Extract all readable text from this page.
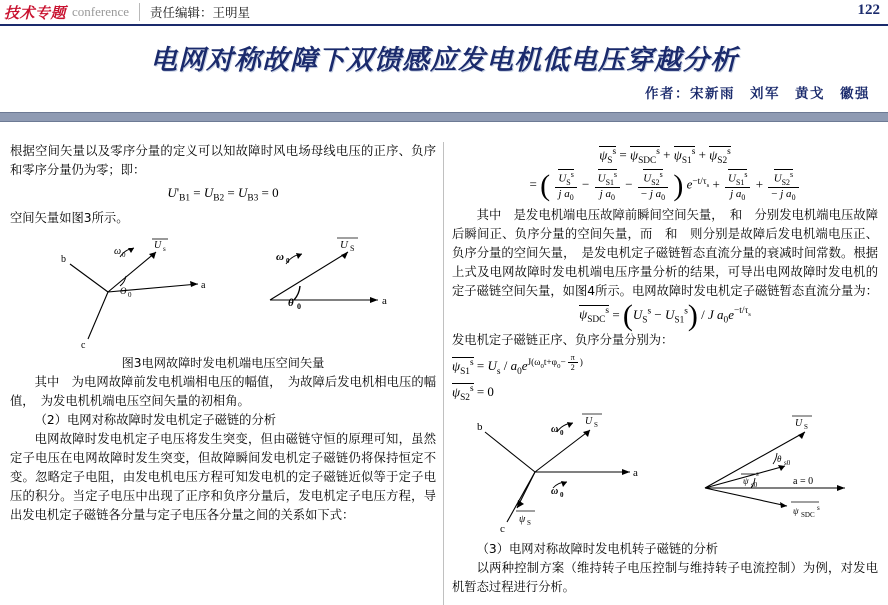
技术专题 conference 责任编辑：王明星	122
电网对称故障下双馈感应发电机低电压穿越分析
作者：宋新雨　刘军　黄戈　徽强

根据空间矢量以及零序分量的定义可以知故障时风电场母线电压的正序、负序和零序分量仍为零；即：

$U'_{B1} = U_{B2} = U_{B3} = 0$

空间矢量如图3所示。

ω 0
U s
Θ 0
a
b
c
ω 0
U S
θ 0	a

图3电网故障时发电机端电压空间矢量

其中　为电网故障前发电机端相电压的幅值，　为故障后发电机相电压的幅值，　为发电机机端电压空间矢量的初相角。

（2）电网对称故障时发电机定子磁链的分析

电网故障时发电机定子电压将发生突变，但由磁链守恒的原理可知，虽然定子电压在电网故障时发生突变，但故障瞬间发电机定子磁链仍将保持恒定不变。忽略定子电阻，由发电机电压方程可知发电机的定子磁链近似等于定子电压的积分。当定子电压中出现了正序和负序分量后，发电机定子电压方程，导出发电机定子磁链各分量与定子电压各分量之间的关系如下式：

$\psi_S^s = \psi_{SDC}^s + \psi_{S1}^s + \psi_{S2}^s$
= ( $\frac{U_S^s}{j a_0} - \frac{U_{S1}^s}{j a_0} - \frac{U_{S2}^s}{- j a_0}$ ) $e^{-t/\tau_s} + \frac{U_{S1}^s}{j a_0} + \frac{U_{S2}^s}{- j a_0}$

其中　是发电机端电压故障前瞬间空间矢量，　和　分别发电机端电压故障后瞬间正、负序分量的空间矢量，而　和　则分别是故障后发电机端电压正、负序分量的空间矢量，　是发电机定子磁链暂态直流分量的衰减时间常数。根据上式及电网故障时发电机端电压序量分析的结果，可导出电网故障时发电机的定子磁链空间矢量，如图4所示。电网故障时发电机定子磁链暂态直流分量为：

$\psi_{SDC}^s = (U_S^s - U_{S1}^s) / J$ $a_0e^{-t/\tau_s}$

发电机定子磁链正序、负序分量分别为：

$\psi_{S1}^s = U_s / a_0e^{J(\omega_0t+\varphi_0- \frac{\pi}{2} )}$
$\psi_{S2}^s = 0$
ω 0
U S
ω 0
a
b
c
ψ S
U S
θ s0
ψ s0
s
a = 0
ψ SDC
s

（3）电网对称故障时发电机转子磁链的分析

以两种控制方案（维持转子电压控制与维持转子电流控制）为例，对发电机暂态过程进行分析。
